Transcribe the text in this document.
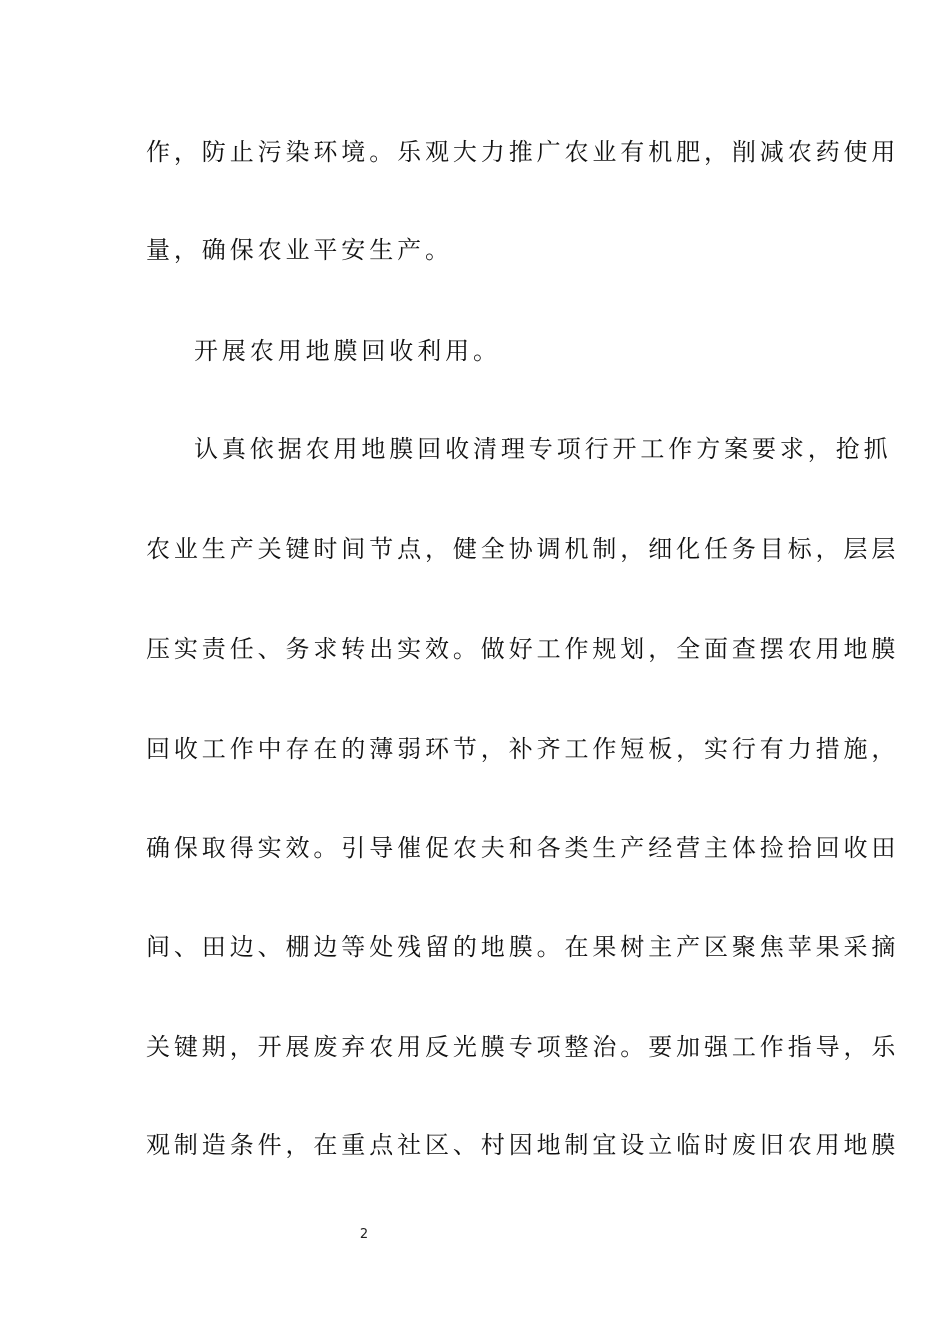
作，防止污染环境。乐观大力推广农业有机肥，削减农药使用
量，确保农业平安生产。
开展农用地膜回收利用。
认真依据农用地膜回收清理专项行开工作方案要求，抢抓
农业生产关键时间节点，健全协调机制，细化任务目标，层层
压实责任、务求转出实效。做好工作规划，全面查摆农用地膜
回收工作中存在的薄弱环节，补齐工作短板，实行有力措施，
确保取得实效。引导催促农夫和各类生产经营主体捡拾回收田
间、田边、棚边等处残留的地膜。在果树主产区聚焦苹果采摘
关键期，开展废弃农用反光膜专项整治。要加强工作指导，乐
观制造条件，在重点社区、村因地制宜设立临时废旧农用地膜
2
